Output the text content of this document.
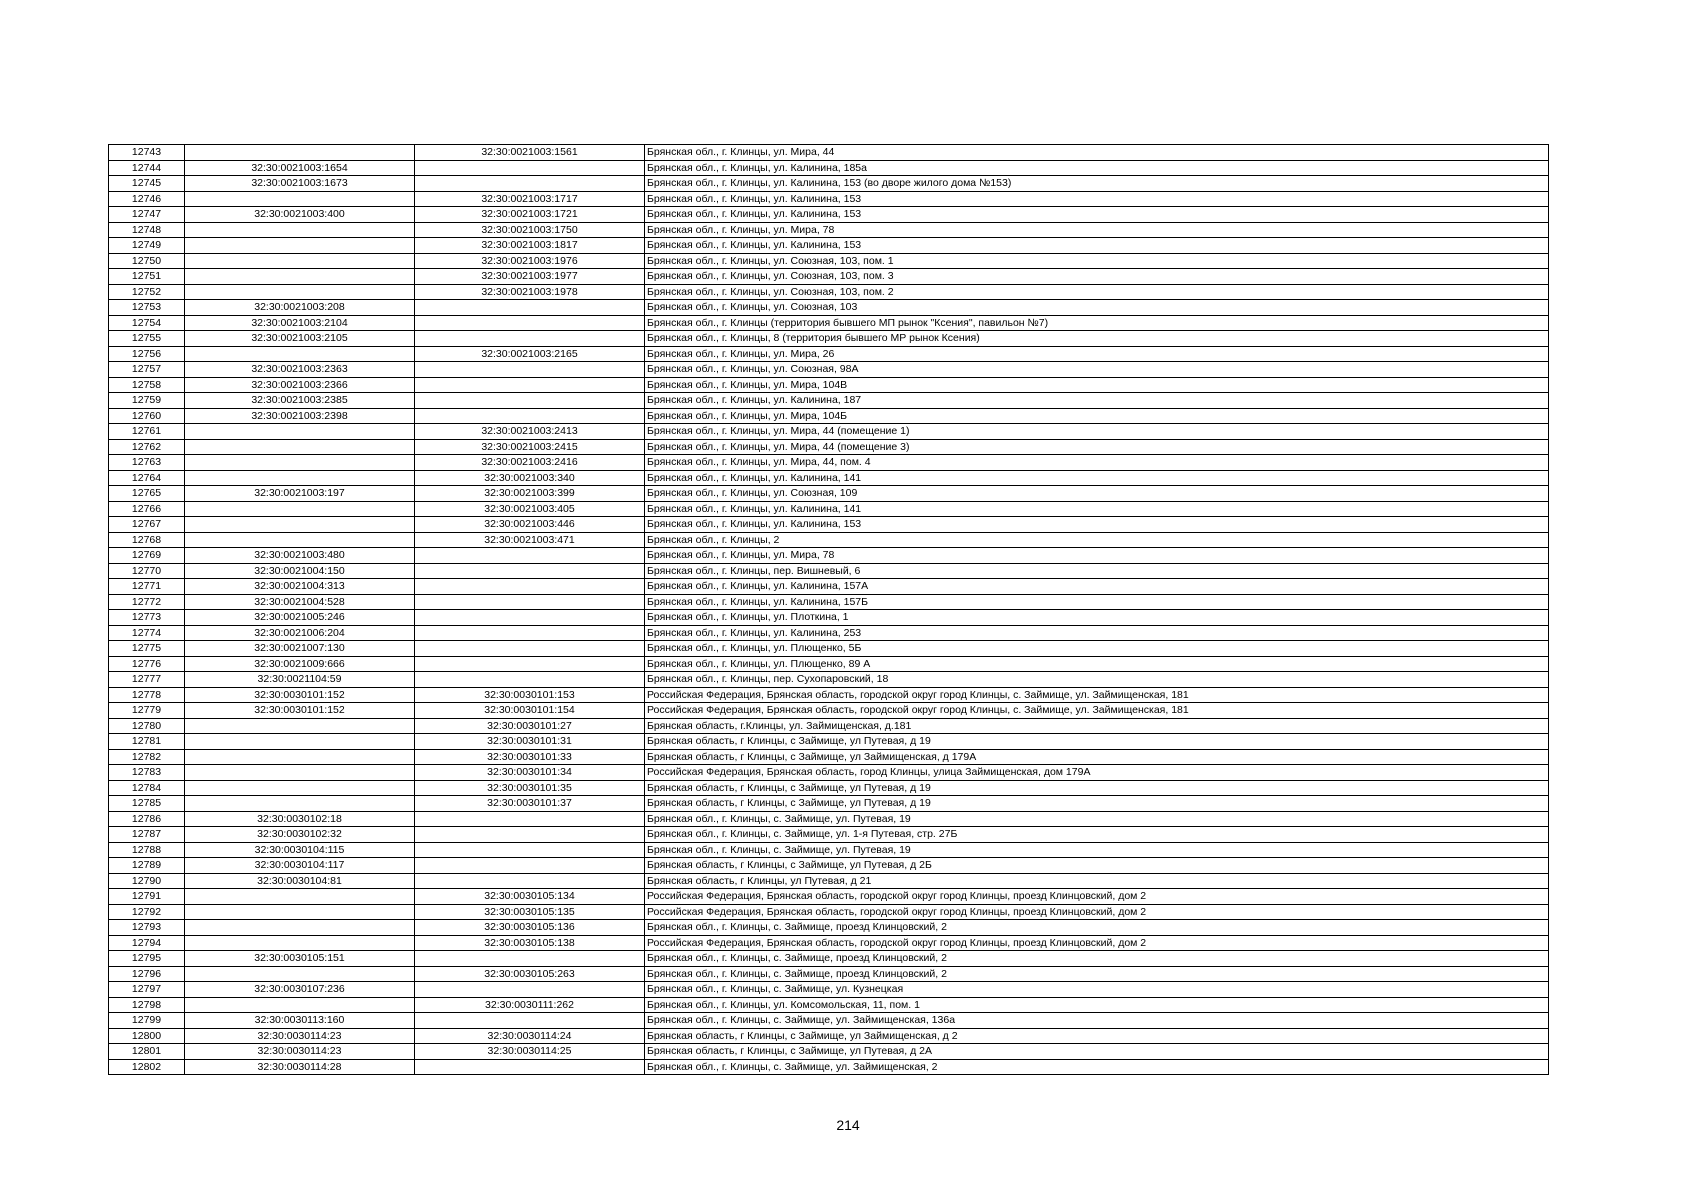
12743		32:30:0021003:1561	Брянская обл., г. Клинцы, ул. Мира, 44
12744	32:30:0021003:1654		Брянская обл., г. Клинцы, ул. Калинина, 185а
12745	32:30:0021003:1673		Брянская обл., г. Клинцы, ул. Калинина, 153 (во дворе жилого дома №153)
12746		32:30:0021003:1717	Брянская обл., г. Клинцы, ул. Калинина, 153
12747	32:30:0021003:400	32:30:0021003:1721	Брянская обл., г. Клинцы, ул. Калинина, 153
12748		32:30:0021003:1750	Брянская обл., г. Клинцы, ул. Мира, 78
12749		32:30:0021003:1817	Брянская обл., г. Клинцы, ул. Калинина, 153
12750		32:30:0021003:1976	Брянская обл., г. Клинцы, ул. Союзная, 103, пом. 1
12751		32:30:0021003:1977	Брянская обл., г. Клинцы, ул. Союзная, 103, пом. 3
12752		32:30:0021003:1978	Брянская обл., г. Клинцы, ул. Союзная, 103, пом. 2
12753	32:30:0021003:208		Брянская обл., г. Клинцы, ул. Союзная, 103
12754	32:30:0021003:2104		Брянская обл., г. Клинцы (территория бывшего МП рынок "Ксения", павильон №7)
12755	32:30:0021003:2105		Брянская обл., г. Клинцы, 8 (территория бывшего МР рынок Ксения)
12756		32:30:0021003:2165	Брянская обл., г. Клинцы, ул. Мира, 26
12757	32:30:0021003:2363		Брянская обл., г. Клинцы, ул. Союзная, 98А
12758	32:30:0021003:2366		Брянская обл., г. Клинцы, ул. Мира, 104В
12759	32:30:0021003:2385		Брянская обл., г. Клинцы, ул. Калинина, 187
12760	32:30:0021003:2398		Брянская обл., г. Клинцы, ул. Мира, 104Б
12761		32:30:0021003:2413	Брянская обл., г. Клинцы, ул. Мира, 44 (помещение 1)
12762		32:30:0021003:2415	Брянская обл., г. Клинцы, ул. Мира, 44 (помещение 3)
12763		32:30:0021003:2416	Брянская обл., г. Клинцы, ул. Мира, 44, пом. 4
12764		32:30:0021003:340	Брянская обл., г. Клинцы, ул. Калинина, 141
12765	32:30:0021003:197	32:30:0021003:399	Брянская обл., г. Клинцы, ул. Союзная, 109
12766		32:30:0021003:405	Брянская обл., г. Клинцы, ул. Калинина, 141
12767		32:30:0021003:446	Брянская обл., г. Клинцы, ул. Калинина, 153
12768		32:30:0021003:471	Брянская обл., г. Клинцы, 2
12769	32:30:0021003:480		Брянская обл., г. Клинцы, ул. Мира, 78
12770	32:30:0021004:150		Брянская обл., г. Клинцы, пер. Вишневый, 6
12771	32:30:0021004:313		Брянская обл., г. Клинцы, ул. Калинина, 157А
12772	32:30:0021004:528		Брянская обл., г. Клинцы, ул. Калинина, 157Б
12773	32:30:0021005:246		Брянская обл., г. Клинцы, ул. Плоткина, 1
12774	32:30:0021006:204		Брянская обл., г. Клинцы, ул. Калинина, 253
12775	32:30:0021007:130		Брянская обл., г. Клинцы, ул. Плющенко, 5Б
12776	32:30:0021009:666		Брянская обл., г. Клинцы, ул. Плющенко, 89 А
12777	32:30:0021104:59		Брянская обл., г. Клинцы, пер. Сухопаровский, 18
12778	32:30:0030101:152	32:30:0030101:153	Российская Федерация, Брянская область, городской округ город Клинцы, с. Займище, ул. Займищенская, 181
12779	32:30:0030101:152	32:30:0030101:154	Российская Федерация, Брянская область, городской округ город Клинцы, с. Займище, ул. Займищенская, 181
12780		32:30:0030101:27	Брянская область, г.Клинцы, ул. Займищенская, д.181
12781		32:30:0030101:31	Брянская область, г Клинцы, с Займище, ул Путевая, д 19
12782		32:30:0030101:33	Брянская область, г Клинцы, с Займище, ул Займищенская, д 179А
12783		32:30:0030101:34	Российская Федерация, Брянская область, город Клинцы, улица Займищенская, дом 179А
12784		32:30:0030101:35	Брянская область, г Клинцы, с Займище, ул Путевая, д 19
12785		32:30:0030101:37	Брянская область, г Клинцы, с Займище, ул Путевая, д 19
12786	32:30:0030102:18		Брянская обл., г. Клинцы, с. Займище, ул. Путевая, 19
12787	32:30:0030102:32		Брянская обл., г. Клинцы, с. Займище, ул. 1-я Путевая, стр. 27Б
12788	32:30:0030104:115		Брянская обл., г. Клинцы, с. Займище, ул. Путевая, 19
12789	32:30:0030104:117		Брянская область, г Клинцы, с Займище, ул Путевая, д 2Б
12790	32:30:0030104:81		Брянская область, г Клинцы, ул Путевая, д 21
12791		32:30:0030105:134	Российская Федерация, Брянская область, городской округ город Клинцы, проезд Клинцовский, дом 2
12792		32:30:0030105:135	Российская Федерация, Брянская область, городской округ город Клинцы, проезд Клинцовский, дом 2
12793		32:30:0030105:136	Брянская обл., г. Клинцы, с. Займище, проезд Клинцовский, 2
12794		32:30:0030105:138	Российская Федерация, Брянская область, городской округ город Клинцы, проезд Клинцовский, дом 2
12795	32:30:0030105:151		Брянская обл., г. Клинцы, с. Займище, проезд Клинцовский, 2
12796		32:30:0030105:263	Брянская обл., г. Клинцы, с. Займище, проезд Клинцовский, 2
12797	32:30:0030107:236		Брянская обл., г. Клинцы, с. Займище, ул. Кузнецкая
12798		32:30:0030111:262	Брянская обл., г. Клинцы, ул. Комсомольская, 11, пом. 1
12799	32:30:0030113:160		Брянская обл., г. Клинцы, с. Займище, ул. Займищенская, 136а
12800	32:30:0030114:23	32:30:0030114:24	Брянская область, г Клинцы, с Займище, ул Займищенская, д 2
12801	32:30:0030114:23	32:30:0030114:25	Брянская область, г Клинцы, с Займище, ул Путевая, д 2А
12802	32:30:0030114:28		Брянская обл., г. Клинцы, с. Займище, ул. Займищенская, 2
214
